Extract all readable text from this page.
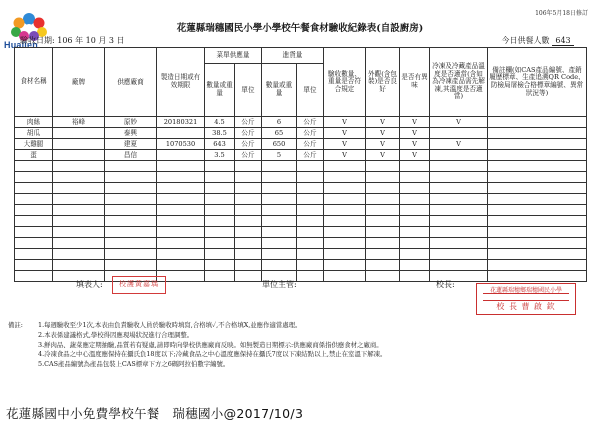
Hualien
106年5月18日修訂
花蓮縣瑞穗國民小學小學校午餐食材驗收紀錄表(自設廚房)
驗收日期: 106 年 10 月 3 日	今日供餐人數 643
食材名稱	廠牌	供應廠商	製造日期或有效期限	菜單供應量		進貨量		驗收數量、重量是否符合規定	外觀(含包裝)是否良好	是否有異味	冷凍及冷藏產品溫度是否適當(含如為冷凍產品需先解凍,其溫度是否適當)	備註欄(如CAS產品編號、產銷履歷標章、生產追溯QR Code、防檢局屠檢合格標章編號、異常狀況等)
				數量或重量	單位	數量或重量	單位					
肉絲	裕峰	原妙	20180321	4.5	公斤	6	公斤	V	V	V	V	
胡瓜		泰興		38.5	公斤	65	公斤	V	V	V		
大雞腿		建夏	1070530	643	公斤	650	公斤	V	V	V	V	
蛋		昌信		3.5	公斤	5	公斤	V	V	V		

填表人:	校護黃嘉瑀	單位主管:	校長:
花蓮縣瑞穗鄉瑞穗國民小學
校 長 曹 啟 欽
備註: 1.每週驗收至少1次,本表由負責驗收人員於驗收時填寫,合格填✓,不合格填X,並應作適當處理。
2.本表係建議格式,學校得因應現場狀況進行合理調整。
3.鮮肉品、蔬菜應定期抽驗,品質若有疑慮,請即時向學校供應廠商反映。如無製造日期標示:供應廠商係指供應食材之廠商。
4.冷凍食品之中心溫度應保持在攝氏負18度以下;冷藏食品之中心溫度應保持在攝氏7度以下凍結點以上,禁止在室溫下解凍。
5.CAS產品編號為產品包裝上CAS標章下方之6碼阿拉伯數字編號。
花蓮縣國中小免費學校午餐　瑞穗國小@2017/10/3
